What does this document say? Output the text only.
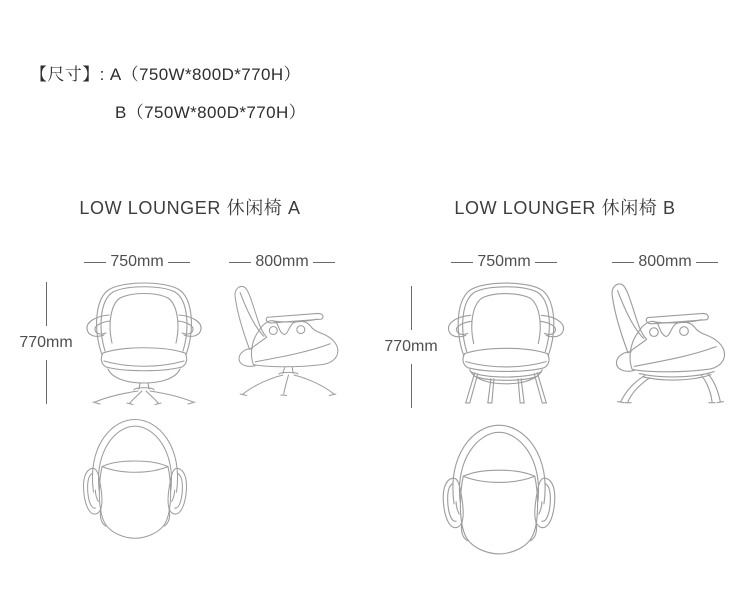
【尺寸】: A（750W*800D*770H）
B（750W*800D*770H）
LOW LOUNGER 休闲椅 A	LOW LOUNGER 休闲椅 B
750mm	800mm	750mm	800mm
770mm	770mm
